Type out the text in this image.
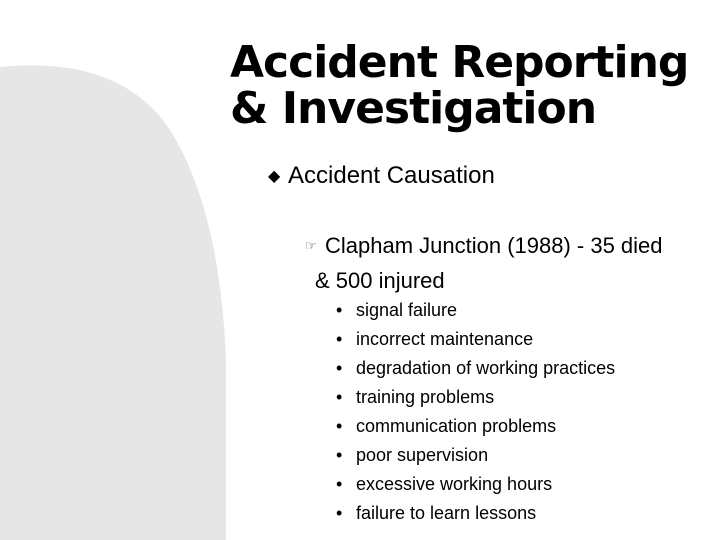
Accident Reporting
& Investigation
◆ Accident Causation
☞ Clapham Junction (1988) - 35 died
& 500 injured
• signal failure
• incorrect maintenance
• degradation of working practices
• training problems
• communication problems
• poor supervision
• excessive working hours
• failure to learn lessons
